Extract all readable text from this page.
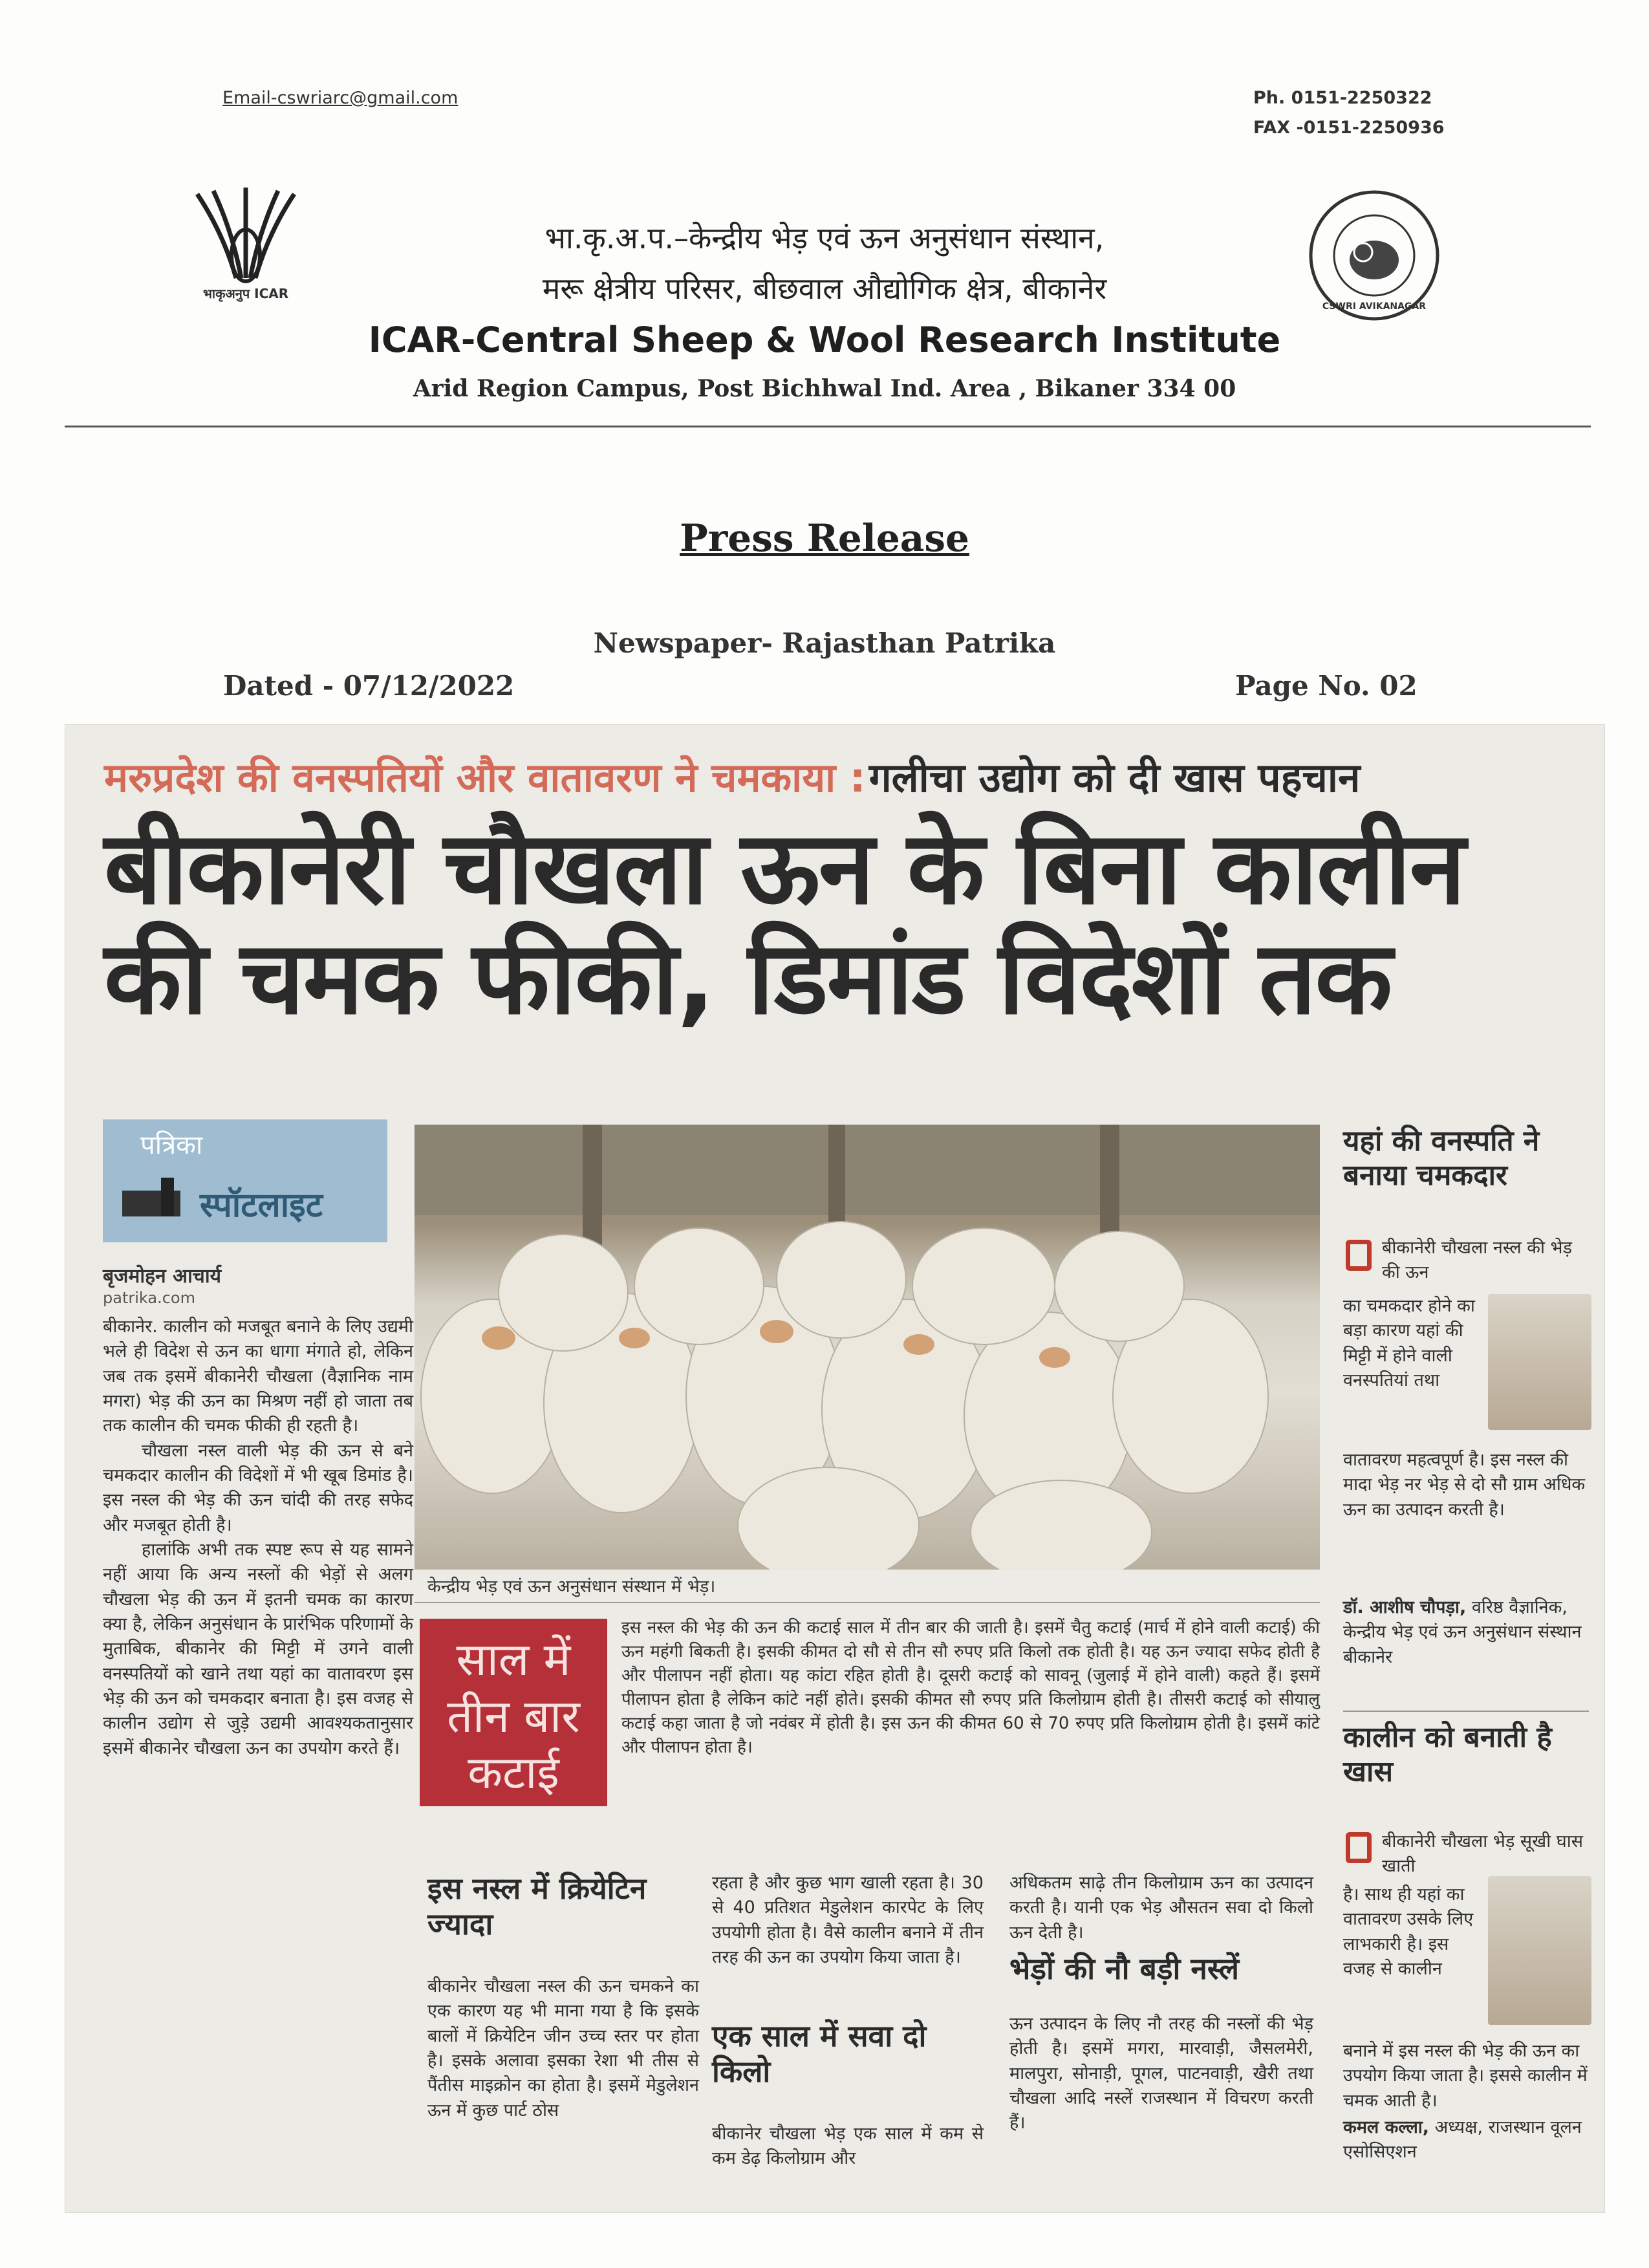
Email-cswriarc@gmail.com	Ph. 0151-2250322
FAX -0151-2250936
भाकृअनुप ICAR
CSWRI AVIKANAGAR
भा.कृ.अ.प.–केन्द्रीय भेड़ एवं ऊन अनुसंधान संस्थान,
मरू क्षेत्रीय परिसर, बीछवाल औद्योगिक क्षेत्र, बीकानेर
ICAR-Central Sheep & Wool Research Institute
Arid Region Campus, Post Bichhwal Ind. Area , Bikaner 334 00
Press Release
Newspaper- Rajasthan Patrika
Dated - 07/12/2022	Page No. 02
मरुप्रदेश की वनस्पतियों और वातावरण ने चमकाया : गलीचा उद्योग को दी खास पहचान
बीकानेरी चौखला ऊन के बिना कालीन
की चमक फीकी, डिमांड विदेशों तक
पत्रिका
स्पॉटलाइट
बृजमोहन आचार्य
patrika.com
बीकानेर. कालीन को मजबूत बनाने के लिए उद्यमी भले ही विदेश से ऊन का धागा मंगाते हो, लेकिन जब तक इसमें बीकानेरी चौखला (वैज्ञानिक नाम मगरा) भेड़ की ऊन का मिश्रण नहीं हो जाता तब तक कालीन की चमक फीकी ही रहती है।
चौखला नस्ल वाली भेड़ की ऊन से बने चमकदार कालीन की विदेशों में भी खूब डिमांड है। इस नस्ल की भेड़ की ऊन चांदी की तरह सफेद और मजबूत होती है।
हालांकि अभी तक स्पष्ट रूप से यह सामने नहीं आया कि अन्य नस्लों की भेड़ों से अलग चौखला भेड़ की ऊन में इतनी चमक का कारण क्या है, लेकिन अनुसंधान के प्रारंभिक परिणामों के मुताबिक, बीकानेर की मिट्टी में उगने वाली वनस्पतियों को खाने तथा यहां का वातावरण इस भेड़ की ऊन को चमकदार बनाता है। इस वजह से कालीन उद्योग से जुड़े उद्यमी आवश्यकतानुसार इसमें बीकानेर चौखला ऊन का उपयोग करते हैं।
केन्द्रीय भेड़ एवं ऊन अनुसंधान संस्थान में भेड़।
साल में तीन बार कटाई
इस नस्ल की भेड़ की ऊन की कटाई साल में तीन बार की जाती है। इसमें चैतु कटाई (मार्च में होने वाली कटाई) की ऊन महंगी बिकती है। इसकी कीमत दो सौ से तीन सौ रुपए प्रति किलो तक होती है। यह ऊन ज्यादा सफेद होती है और पीलापन नहीं होता। यह कांटा रहित होती है। दूसरी कटाई को सावनू (जुलाई में होने वाली) कहते हैं। इसमें पीलापन होता है लेकिन कांटे नहीं होते। इसकी कीमत सौ रुपए प्रति किलोग्राम होती है। तीसरी कटाई को सीयालु कटाई कहा जाता है जो नवंबर में होती है। इस ऊन की कीमत 60 से 70 रुपए प्रति किलोग्राम होती है। इसमें कांटे और पीलापन होता है।
इस नस्ल में क्रियेटिन ज्यादा
बीकानेर चौखला नस्ल की ऊन चमकने का एक कारण यह भी माना गया है कि इसके बालों में क्रियेटिन जीन उच्च स्तर पर होता है। इसके अलावा इसका रेशा भी तीस से पैंतीस माइक्रोन का होता है। इसमें मेडुलेशन ऊन में कुछ पार्ट ठोस
रहता है और कुछ भाग खाली रहता है। 30 से 40 प्रतिशत मेडुलेशन कारपेट के लिए उपयोगी होता है। वैसे कालीन बनाने में तीन तरह की ऊन का उपयोग किया जाता है।
एक साल में सवा दो किलो
बीकानेर चौखला भेड़ एक साल में कम से कम डेढ़ किलोग्राम और
अधिकतम साढ़े तीन किलोग्राम ऊन का उत्पादन करती है। यानी एक भेड़ औसतन सवा दो किलो ऊन देती है।
भेड़ों की नौ बड़ी नस्लें
ऊन उत्पादन के लिए नौ तरह की नस्लों की भेड़ होती है। इसमें मगरा, मारवाड़ी, जैसलमेरी, मालपुरा, सोनाड़ी, पूगल, पाटनवाड़ी, खैरी तथा चौखला आदि नस्लें राजस्थान में विचरण करती हैं।
यहां की वनस्पति ने बनाया चमकदार
बीकानेरी चौखला नस्ल की भेड़ की ऊन
का चमकदार होने का बड़ा कारण यहां की मिट्टी में होने वाली वनस्पतियां तथा
वातावरण महत्वपूर्ण है। इस नस्ल की मादा भेड़ नर भेड़ से दो सौ ग्राम अधिक ऊन का उत्पादन करती है।
डॉ. आशीष चौपड़ा, वरिष्ठ वैज्ञानिक, केन्द्रीय भेड़ एवं ऊन अनुसंधान संस्थान बीकानेर
कालीन को बनाती है खास
बीकानेरी चौखला भेड़ सूखी घास खाती
है। साथ ही यहां का वातावरण उसके लिए लाभकारी है। इस वजह से कालीन
बनाने में इस नस्ल की भेड़ की ऊन का उपयोग किया जाता है। इससे कालीन में चमक आती है।
कमल कल्ला, अध्यक्ष, राजस्थान वूलन एसोसिएशन
